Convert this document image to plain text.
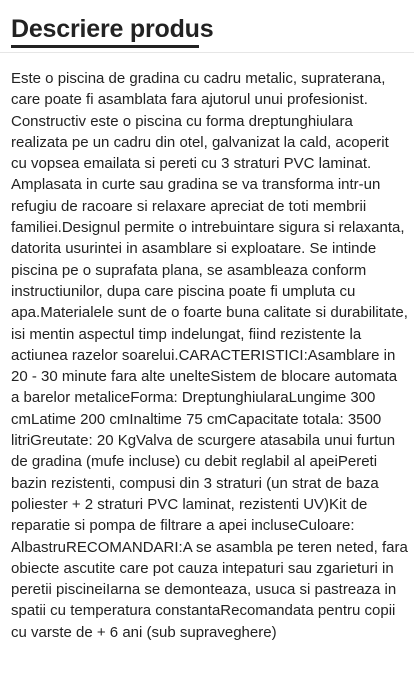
Descriere produs

Este o piscina de gradina cu cadru metalic, supraterana, care poate fi asamblata fara ajutorul unui profesionist. Constructiv este o piscina cu forma dreptunghiulara realizata pe un cadru din otel, galvanizat la cald, acoperit cu vopsea emailata si pereti cu 3 straturi PVC laminat. Amplasata in curte sau gradina se va transforma intr-un refugiu de racoare si relaxare apreciat de toti membrii familiei.Designul permite o intrebuintare sigura si relaxanta, datorita usurintei in asamblare si exploatare. Se intinde piscina pe o suprafata plana, se asambleaza conform instructiunilor, dupa care piscina poate fi umpluta cu apa.Materialele sunt de o foarte buna calitate si durabilitate, isi mentin aspectul timp indelungat, fiind rezistente la actiunea razelor soarelui.CARACTERISTICI:Asamblare in 20 - 30 minute fara alte unelteSistem de blocare automata a barelor metaliceForma: DreptunghiularaLungime 300 cmLatime 200 cmInaltime 75 cmCapacitate totala: 3500 litriGreutate: 20 KgValva de scurgere atasabila unui furtun de gradina (mufe incluse) cu debit reglabil al apeiPereti bazin rezistenti, compusi din 3 straturi (un strat de baza poliester + 2 straturi PVC laminat, rezistenti UV)Kit de reparatie si pompa de filtrare a apei incluseCuloare: AlbastruRECOMANDARI:A se asambla pe teren neted, fara obiecte ascutite care pot cauza intepaturi sau zgarieturi in peretii piscineiIarna se demonteaza, usuca si pastreaza in spatii cu temperatura constantaRecomandata pentru copii cu varste de + 6 ani (sub supraveghere)
